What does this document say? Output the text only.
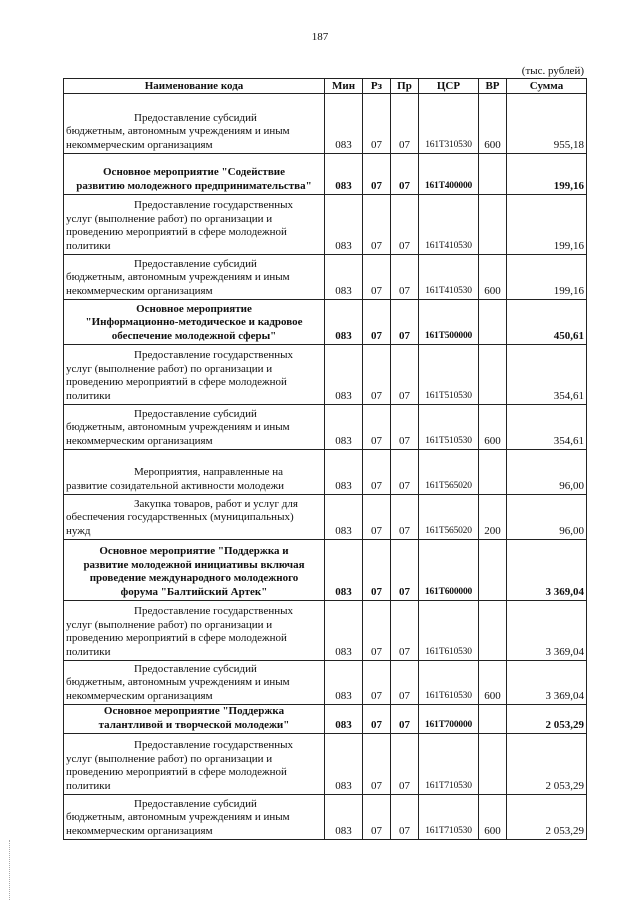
187
(тыс. рублей)
Наименование кода	Мин	Рз	Пр	ЦСР	ВР	Сумма

Предоставление субсидий
бюджетным, автономным учреждениям и иным
некоммерческим организациям	083	07	07	161Т310530	600	955,18

Основное мероприятие "Содействие
развитию молодежного предпринимательства"	083	07	07	161Т400000		199,16

Предоставление государственных
услуг (выполнение работ) по организации и
проведению мероприятий в сфере молодежной
политики	083	07	07	161Т410530		199,16

Предоставление субсидий
бюджетным, автономным учреждениям и иным
некоммерческим организациям	083	07	07	161Т410530	600	199,16

Основное мероприятие
"Информационно-методическое и кадровое
обеспечение молодежной сферы"	083	07	07	161Т500000		450,61

Предоставление государственных
услуг (выполнение работ) по организации и
проведению мероприятий в сфере молодежной
политики	083	07	07	161Т510530		354,61

Предоставление субсидий
бюджетным, автономным учреждениям и иным
некоммерческим организациям	083	07	07	161Т510530	600	354,61

Мероприятия, направленные на
развитие созидательной активности молодежи	083	07	07	161Т565020		96,00

Закупка товаров, работ и услуг для
обеспечения государственных (муниципальных)
нужд	083	07	07	161Т565020	200	96,00

Основное мероприятие "Поддержка и
развитие молодежной инициативы включая
проведение международного молодежного
форума "Балтийский Артек"	083	07	07	161Т600000		3 369,04

Предоставление государственных
услуг (выполнение работ) по организации и
проведению мероприятий в сфере молодежной
политики	083	07	07	161Т610530		3 369,04

Предоставление субсидий
бюджетным, автономным учреждениям и иным
некоммерческим организациям	083	07	07	161Т610530	600	3 369,04

Основное мероприятие "Поддержка
талантливой и творческой молодежи"	083	07	07	161Т700000		2 053,29

Предоставление государственных
услуг (выполнение работ) по организации и
проведению мероприятий в сфере молодежной
политики	083	07	07	161Т710530		2 053,29

Предоставление субсидий
бюджетным, автономным учреждениям и иным
некоммерческим организациям	083	07	07	161Т710530	600	2 053,29
